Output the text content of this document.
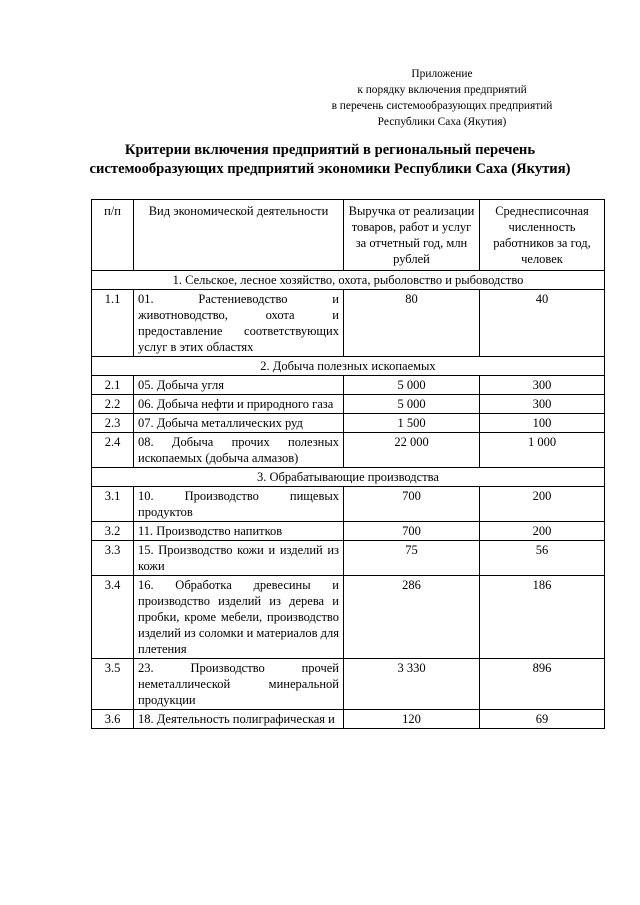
Приложение
к порядку включения предприятий
в перечень системообразующих предприятий
Республики Саха (Якутия)
Критерии включения предприятий в региональный перечень
системообразующих предприятий экономики Республики Саха (Якутия)
п/п	Вид экономической деятельности	Выручка от реализации товаров, работ и услуг за отчетный год, млн рублей	Среднесписочная численность работников за год, человек
1. Сельское, лесное хозяйство, охота, рыболовство и рыбоводство			
1.1	01. Растениеводство и животноводство, охота и предоставление соответствующих услуг в этих областях	80	40
2. Добыча полезных ископаемых			
2.1	05. Добыча угля	5 000	300
2.2	06. Добыча нефти и природного газа	5 000	300
2.3	07. Добыча металлических руд	1 500	100
2.4	08. Добыча прочих полезных ископаемых (добыча алмазов)	22 000	1 000
3. Обрабатывающие производства			
3.1	10. Производство пищевых продуктов	700	200
3.2	11. Производство напитков	700	200
3.3	15. Производство кожи и изделий из кожи	75	56
3.4	16. Обработка древесины и производство изделий из дерева и пробки, кроме мебели, производство изделий из соломки и материалов для плетения	286	186
3.5	23. Производство прочей неметаллической минеральной продукции	3 330	896
3.6	18. Деятельность полиграфическая и	120	69
